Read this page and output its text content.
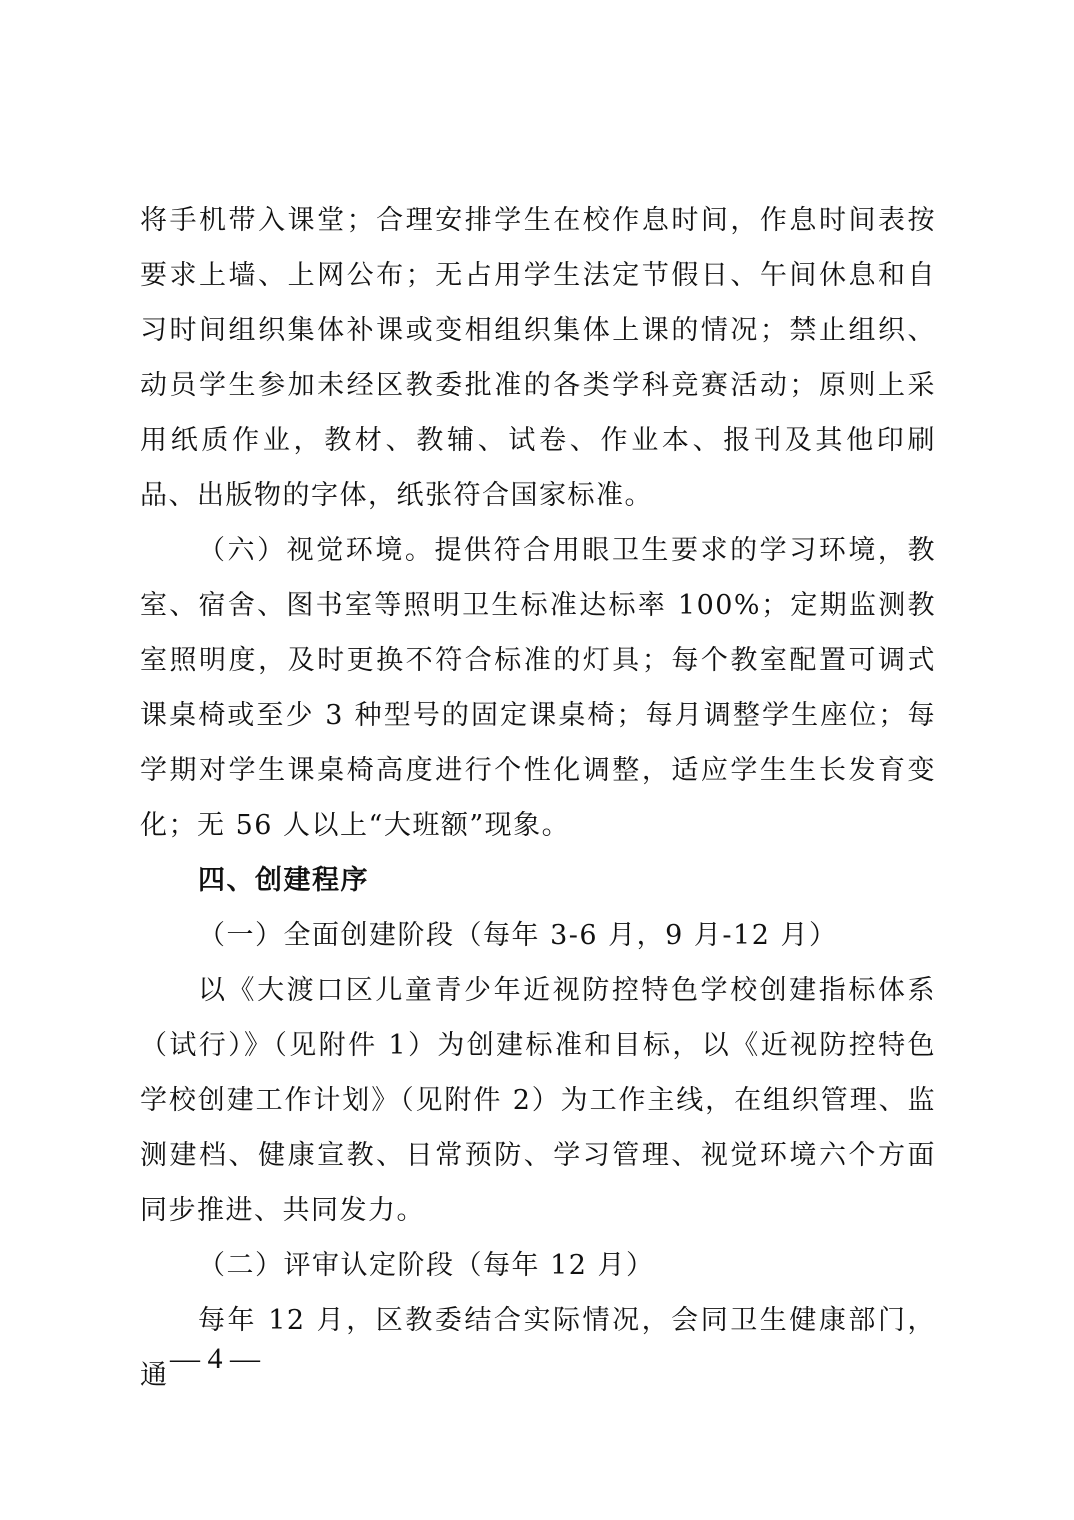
将手机带入课堂；合理安排学生在校作息时间，作息时间表按要求上墙、上网公布；无占用学生法定节假日、午间休息和自习时间组织集体补课或变相组织集体上课的情况；禁止组织、动员学生参加未经区教委批准的各类学科竞赛活动；原则上采用纸质作业，教材、教辅、试卷、作业本、报刊及其他印刷品、出版物的字体，纸张符合国家标准。

（六）视觉环境。提供符合用眼卫生要求的学习环境，教室、宿舍、图书室等照明卫生标准达标率 100%；定期监测教室照明度，及时更换不符合标准的灯具；每个教室配置可调式课桌椅或至少 3 种型号的固定课桌椅；每月调整学生座位；每学期对学生课桌椅高度进行个性化调整，适应学生生长发育变化；无 56 人以上“大班额”现象。

四、创建程序

（一）全面创建阶段（每年 3-6 月，9 月-12 月）

以《大渡口区儿童青少年近视防控特色学校创建指标体系（试行）》（见附件 1）为创建标准和目标，以《近视防控特色学校创建工作计划》（见附件 2）为工作主线，在组织管理、监测建档、健康宣教、日常预防、学习管理、视觉环境六个方面同步推进、共同发力。

（二）评审认定阶段（每年 12 月）

每年 12 月，区教委结合实际情况，会同卫生健康部门，通

— 4 —
